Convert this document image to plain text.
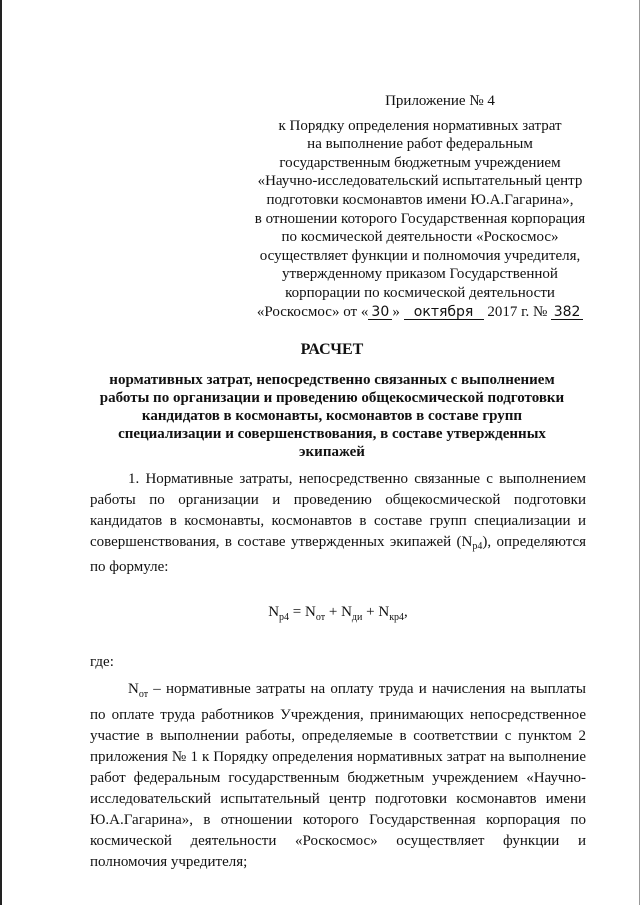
Приложение № 4
к Порядку определения нормативных затрат
на выполнение работ федеральным
государственным бюджетным учреждением
«Научно-исследовательский испытательный центр
подготовки космонавтов имени Ю.А.Гагарина»,
в отношении которого Государственная корпорация
по космической деятельности «Роскосмос»
осуществляет функции и полномочия учредителя,
утвержденному приказом Государственной
корпорации по космической деятельности
«Роскосмос» от « 30 » октября 2017 г. № 382
РАСЧЕТ
нормативных затрат, непосредственно связанных с выполнением работы по организации и проведению общекосмической подготовки кандидатов в космонавты, космонавтов в составе групп специализации и совершенствования, в составе утвержденных экипажей

1. Нормативные затраты, непосредственно связанные с выполнением работы по организации и проведению общекосмической подготовки кандидатов в космонавты, космонавтов в составе групп специализации и совершенствования, в составе утвержденных экипажей $(N_{р4})$, определяются по формуле:

$N_{р4} = N_{от} + N_{ди} + N_{кр4}$,

где:

$N_{от}$ – нормативные затраты на оплату труда и начисления на выплаты по оплате труда работников Учреждения, принимающих непосредственное участие в выполнении работы, определяемые в соответствии с пунктом 2 приложения № 1 к Порядку определения нормативных затрат на выполнение работ федеральным государственным бюджетным учреждением «Научно-исследовательский испытательный центр подготовки космонавтов имени Ю.А.Гагарина», в отношении которого Государственная корпорация по космической деятельности «Роскосмос» осуществляет функции и полномочия учредителя;
